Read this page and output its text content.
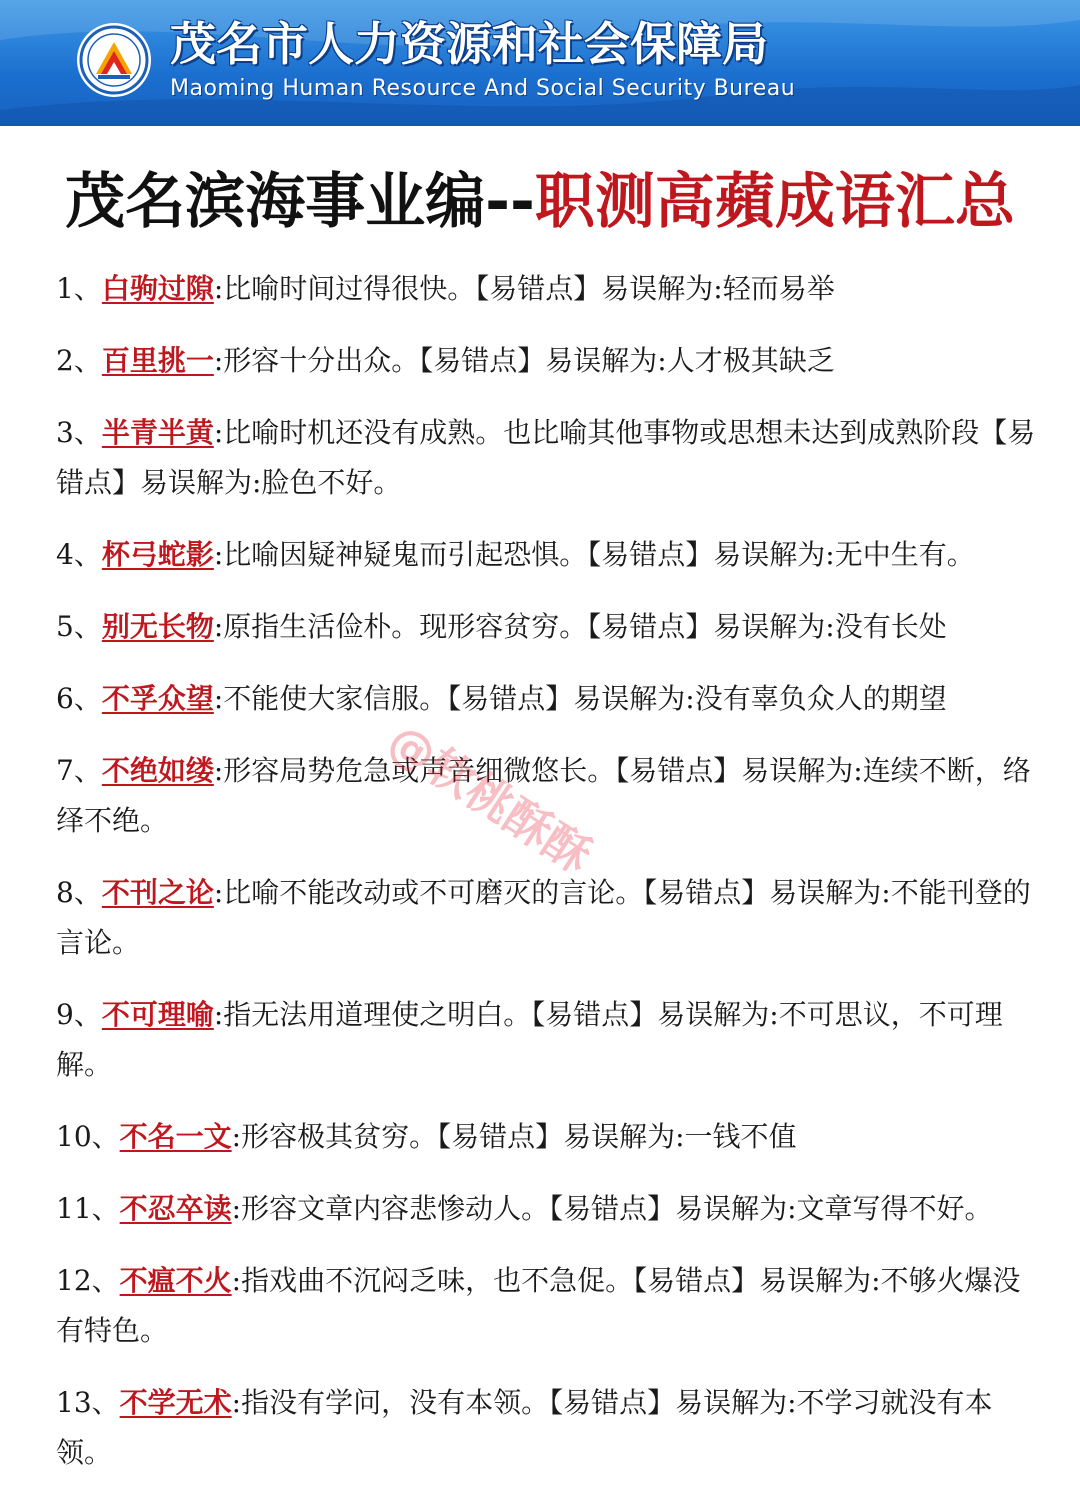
茂名市人力资源和社会保障局
Maoming Human Resource And Social Security Bureau
茂名滨海事业编--职测高蘋成语汇总
1、白驹过隙:比喻时间过得很快。【易错点】易误解为:轻而易举
2、百里挑一:形容十分出众。【易错点】易误解为:人才极其缺乏
3、半青半黄:比喻时机还没有成熟。也比喻其他事物或思想未达到成熟阶段【易错点】易误解为:脸色不好。
4、杯弓蛇影:比喻因疑神疑鬼而引起恐惧。【易错点】易误解为:无中生有。
5、别无长物:原指生活俭朴。现形容贫穷。【易错点】易误解为:没有长处
6、不孚众望:不能使大家信服。【易错点】易误解为:没有辜负众人的期望
7、不绝如缕:形容局势危急或声音细微悠长。【易错点】易误解为:连续不断，络绎不绝。
8、不刊之论:比喻不能改动或不可磨灭的言论。【易错点】易误解为:不能刊登的言论。
9、不可理喻:指无法用道理使之明白。【易错点】易误解为:不可思议，不可理解。
10、不名一文:形容极其贫穷。【易错点】易误解为:一钱不值
11、不忍卒读:形容文章内容悲惨动人。【易错点】易误解为:文章写得不好。
12、不瘟不火:指戏曲不沉闷乏味，也不急促。【易错点】易误解为:不够火爆没有特色。
13、不学无术:指没有学问，没有本领。【易错点】易误解为:不学习就没有本领。
@软桃酥酥
